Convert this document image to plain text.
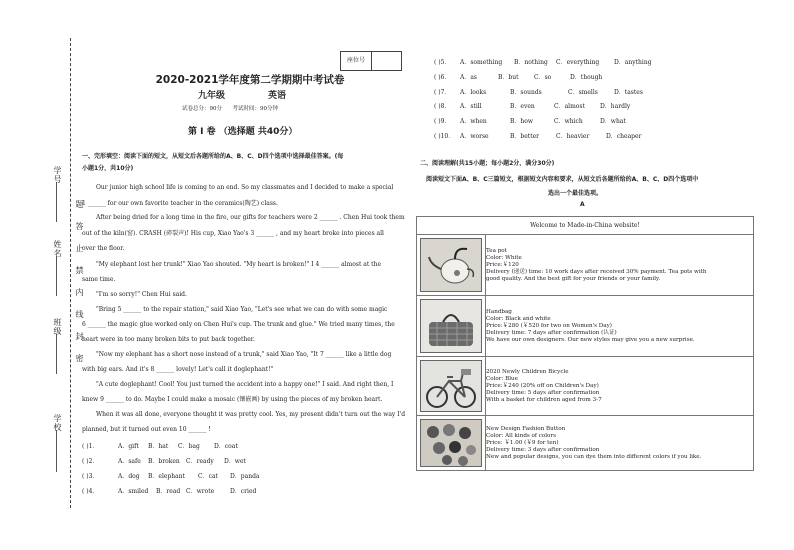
学号
姓名
班级
学校
题
答
止
禁
内
线
封
密
座位号
2020-2021学年度第二学期期中考试卷
九年级	英语
试卷总分：90分 考试时间：90分钟
第 I 卷 （选择题 共40分）
一、完形填空：阅读下面的短文，从短文后各题所给的A、B、C、D四个选项中选择最佳答案。(每
小题1分，共10分)
Our junior high school life is coming to an end. So my classmates and I decided to make a special
1 ______ for our own favorite teacher in the ceramics(陶艺) class.
After being dried for a long time in the fire, our gifts for teachers were 2 ______ . Chen Hui took them
out of the kiln(窑). CRASH (碎裂声)! His cup, Xiao Yao's 3 ______ , and my heart broke into pieces all
over the floor.
"My elephant lost her trunk!" Xiao Yao shouted. "My heart is broken!" I 4 ______ almost at the
same time.
"I'm so sorry!" Chen Hui said.
"Bring 5 ______ to the repair station," said Xiao Yao, "Let's see what we can do with some magic
6 ______ the magic glue worked only on Chen Hui's cup. The trunk and glue." We tried many times, the
heart were in too many broken bits to put back together.
"Now my elephant has a short nose instead of a trunk," said Xiao Yao, "It 7 ______ like a little dog
with big ears. And it's 8 ______ lovely! Let's call it doglephant!"
"A cute doglephant! Cool! You just turned the accident into a happy one!" I said. And right then, I
knew 9 ______ to do. Maybe I could make a mosaic (镶嵌画) by using the pieces of my broken heart.
When it was all done, everyone thought it was pretty cool. Yes, my present didn't turn out the way I'd
planned, but it turned out even 10 ______ !
( )1．	A．gift B．hat C．bag D．coat
( )2．	A．safe B．broken C．ready D．wet
( )3．	A．dog B．elephant C．cat D．panda
( )4．	A．smiled B．read C．wrote	D．cried
( )5． A．something B．nothing C．everything D．anything
( )6． A．as	B．but	C．so	D．though
( )7． A．looks	B．sounds	C．smells	D．tastes
( )8． A．still	B．even	C．almost	D．hardly
( )9． A．when	B．how	C．which	D．what
( )10． A．worse	B．better	C．heavier	D．cheaper
二、阅读理解(共15小题；每小题2分，满分30分)
阅读短文下面A、B、C三篇短文，根据短文内容和要求，从短文后各题所给的A、B、C、D四个选项中
选出一个最佳选项。
A
Welcome to Made-in-China website!	

Tea pot
Color: White
Price:￥120
Delivery (递送) time: 10 work days after received 30% payment. Tea pots with
good quality. And the best gift for your friends or your family.

Handbag
Color: Black and white
Price:￥280 (￥520 for two on Women's Day)
Delivery time: 7 days after confirmation (认证)
We have our own designers. Our new styles may give you a new surprise.

2020 Newly Children Bicycle
Color: Blue
Price:￥240 (20% off on Children's Day)
Delivery time: 5 days after confirmation
With a basket for children aged from 3-7

New Design Fashion Button
Color: All kinds of colors
Price: ￥1.00 (￥9 for ten)
Delivery time: 3 days after confirmation
New and popular designs, you can dye them into different colors if you like.
